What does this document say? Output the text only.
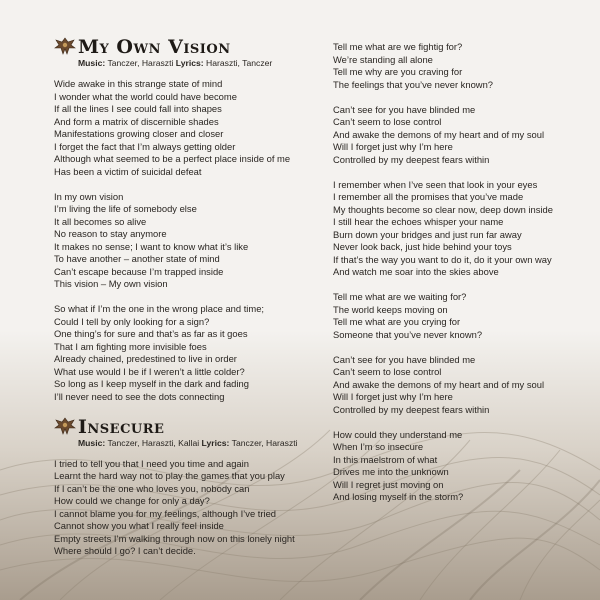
My Own Vision

Music: Tanczer, Haraszti Lyrics: Haraszti, Tanczer

Wide awake in this strange state of mind
I wonder what the world could have become
If all the lines I see could fall into shapes
And form a matrix of discernible shades
Manifestations growing closer and closer
I forget the fact that I’m always getting older
Although what seemed to be a perfect place inside of me
Has been a victim of suicidal defeat
In my own vision
I’m living the life of somebody else
It all becomes so alive
No reason to stay anymore
It makes no sense; I want to know what it’s like
To have another – another state of mind
Can’t escape because I’m trapped inside
This vision – My own vision
So what if I’m the one in the wrong place and time;
Could I tell by only looking for a sign?
One thing’s for sure and that’s as far as it goes
That I am fighting more invisible foes
Already chained, predestined to live in order
What use would I be if I weren’t a little colder?
So long as I keep myself in the dark and fading
I’ll never need to see the dots connecting
Insecure

Music: Tanczer, Haraszti, Kallai Lyrics: Tanczer, Haraszti

I tried to tell you that I need you time and again
Learnt the hard way not to play the games that you play
If I can’t be the one who loves you, nobody can
How could we change for only a day?
I cannot blame you for my feelings, although I’ve tried
Cannot show you what I really feel inside
Empty streets I’m walking through now on this lonely night
Where should I go? I can’t decide.
Tell me what are we fightig for?
We’re standing all alone
Tell me why are you craving for
The feelings that you’ve never known?
Can’t see for you have blinded me
Can’t seem to lose control
And awake the demons of my heart and of my soul
Will I forget just why I’m here
Controlled by my deepest fears within
I remember when I’ve seen that look in your eyes
I remember all the promises that you’ve made
My thoughts become so clear now, deep down inside
I still hear the echoes whisper your name
Burn down your bridges and just run far away
Never look back, just hide behind your toys
If that’s the way you want to do it, do it your own way
And watch me soar into the skies above
Tell me what are we waiting for?
The world keeps moving on
Tell me what are you crying for
Someone that you’ve never known?
Can’t see for you have blinded me
Can’t seem to lose control
And awake the demons of my heart and of my soul
Will I forget just why I’m here
Controlled by my deepest fears within
How could they understand me
When I’m so insecure
In this maelstrom of what
Drives me into the unknown
Will I regret just moving on
And losing myself in the storm?
